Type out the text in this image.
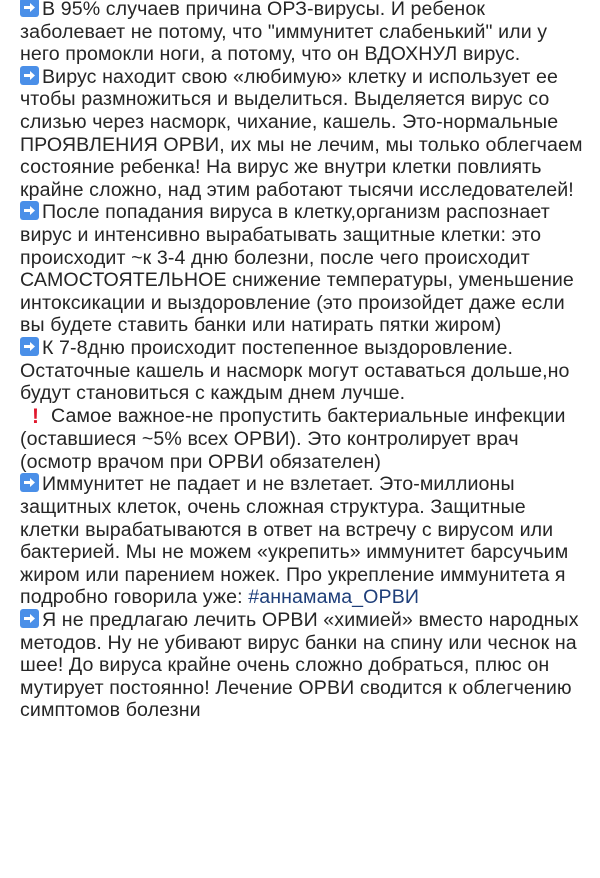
В 95% случаев причина ОРЗ-вирусы. И ребенок заболевает не потому, что "иммунитет слабенький" или у него промокли ноги, а потому, что он ВДОХНУЛ вирус.

Вирус находит свою «любимую» клетку и использует ее чтобы размножиться и выделиться. Выделяется вирус со слизью через насморк, чихание, кашель. Это-нормальные ПРОЯВЛЕНИЯ ОРВИ, их мы не лечим, мы только облегчаем состояние ребенка! На вирус же внутри клетки повлиять крайне сложно, над этим работают тысячи исследователей!

После попадания вируса в клетку,организм распознает вирус и интенсивно вырабатывать защитные клетки: это происходит ~к 3-4 дню болезни, после чего происходит САМОСТОЯТЕЛЬНОЕ снижение температуры, уменьшение интоксикации и выздоровление (это произойдет даже если вы будете ставить банки или натирать пятки жиром)

К 7-8дню происходит постепенное выздоровление. Остаточные кашель и насморк могут оставаться дольше,но будут становиться с каждым днем лучше.

! Самое важное-не пропустить бактериальные инфекции (оставшиеся ~5% всех ОРВИ). Это контролирует врач (осмотр врачом при ОРВИ обязателен)

Иммунитет не падает и не взлетает. Это-миллионы защитных клеток, очень сложная структура. Защитные клетки вырабатываются в ответ на встречу с вирусом или бактерией. Мы не можем «укрепить» иммунитет барсучьим жиром или парением ножек. Про укрепление иммунитета я подробно говорила уже: #аннамама_ОРВИ

Я не предлагаю лечить ОРВИ «химией» вместо народных методов. Ну не убивают вирус банки на спину или чеснок на шее! До вируса крайне очень сложно добраться, плюс он мутирует постоянно! Лечение ОРВИ сводится к облегчению симптомов болезни
